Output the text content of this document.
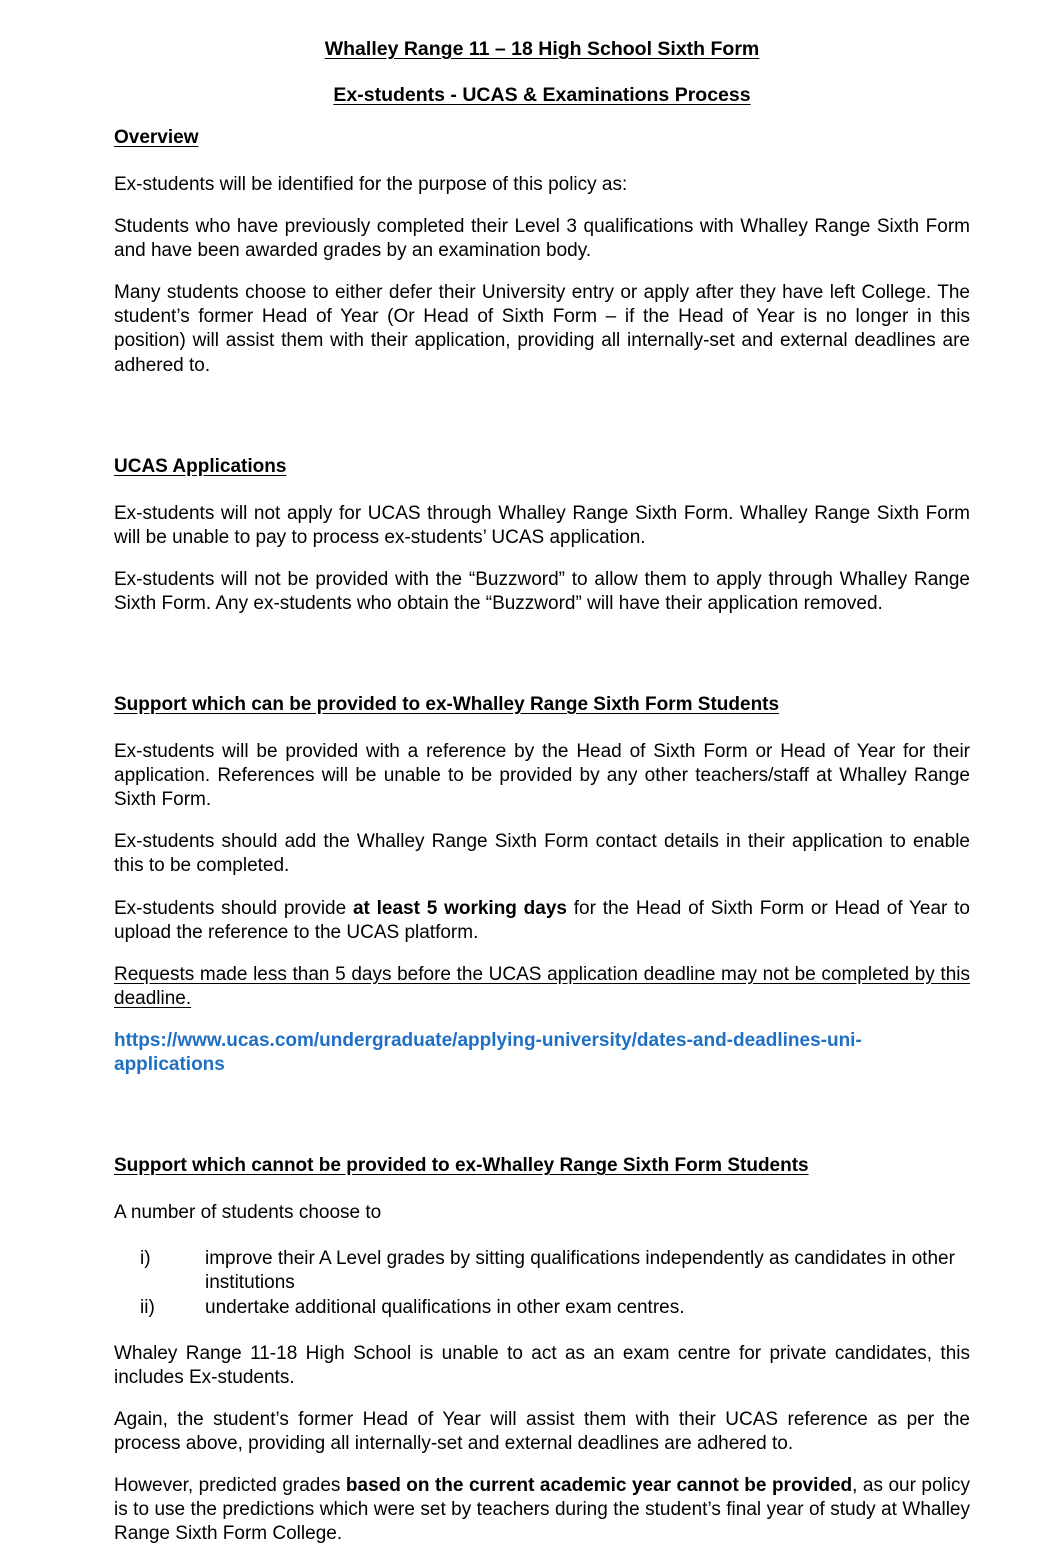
Whalley Range 11 – 18 High School Sixth Form
Ex-students - UCAS & Examinations Process
Overview

Ex-students will be identified for the purpose of this policy as:

Students who have previously completed their Level 3 qualifications with Whalley Range Sixth Form and have been awarded grades by an examination body.

Many students choose to either defer their University entry or apply after they have left College. The student’s former Head of Year (Or Head of Sixth Form – if the Head of Year is no longer in this position) will assist them with their application, providing all internally-set and external deadlines are adhered to.

UCAS Applications

Ex-students will not apply for UCAS through Whalley Range Sixth Form. Whalley Range Sixth Form will be unable to pay to process ex-students’ UCAS application.

Ex-students will not be provided with the “Buzzword” to allow them to apply through Whalley Range Sixth Form. Any ex-students who obtain the “Buzzword” will have their application removed.

Support which can be provided to ex-Whalley Range Sixth Form Students

Ex-students will be provided with a reference by the Head of Sixth Form or Head of Year for their application. References will be unable to be provided by any other teachers/staff at Whalley Range Sixth Form.

Ex-students should add the Whalley Range Sixth Form contact details in their application to enable this to be completed.

Ex-students should provide at least 5 working days for the Head of Sixth Form or Head of Year to upload the reference to the UCAS platform.

Requests made less than 5 days before the UCAS application deadline may not be completed by this deadline.

https://www.ucas.com/undergraduate/applying-university/dates-and-deadlines-uni-applications

Support which cannot be provided to ex-Whalley Range Sixth Form Students

A number of students choose to

i)	improve their A Level grades by sitting qualifications independently as candidates in other institutions
ii)	undertake additional qualifications in other exam centres.

Whaley Range 11-18 High School is unable to act as an exam centre for private candidates, this includes Ex-students.

Again, the student’s former Head of Year will assist them with their UCAS reference as per the process above, providing all internally-set and external deadlines are adhered to.

However, predicted grades based on the current academic year cannot be provided, as our policy is to use the predictions which were set by teachers during the student’s final year of study at Whalley Range Sixth Form College.
